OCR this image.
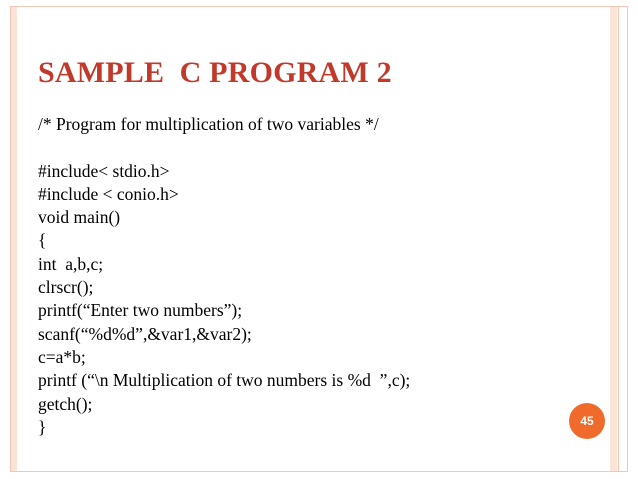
SAMPLE  C PROGRAM 2
/* Program for multiplication of two variables */
#include< stdio.h>
#include < conio.h>
void main()
{
int  a,b,c;
clrscr();
printf(“Enter two numbers”);
scanf(“%d%d”,&var1,&var2);
c=a*b;
printf (“\n Multiplication of two numbers is %d  ”,c);
getch();
}	45
